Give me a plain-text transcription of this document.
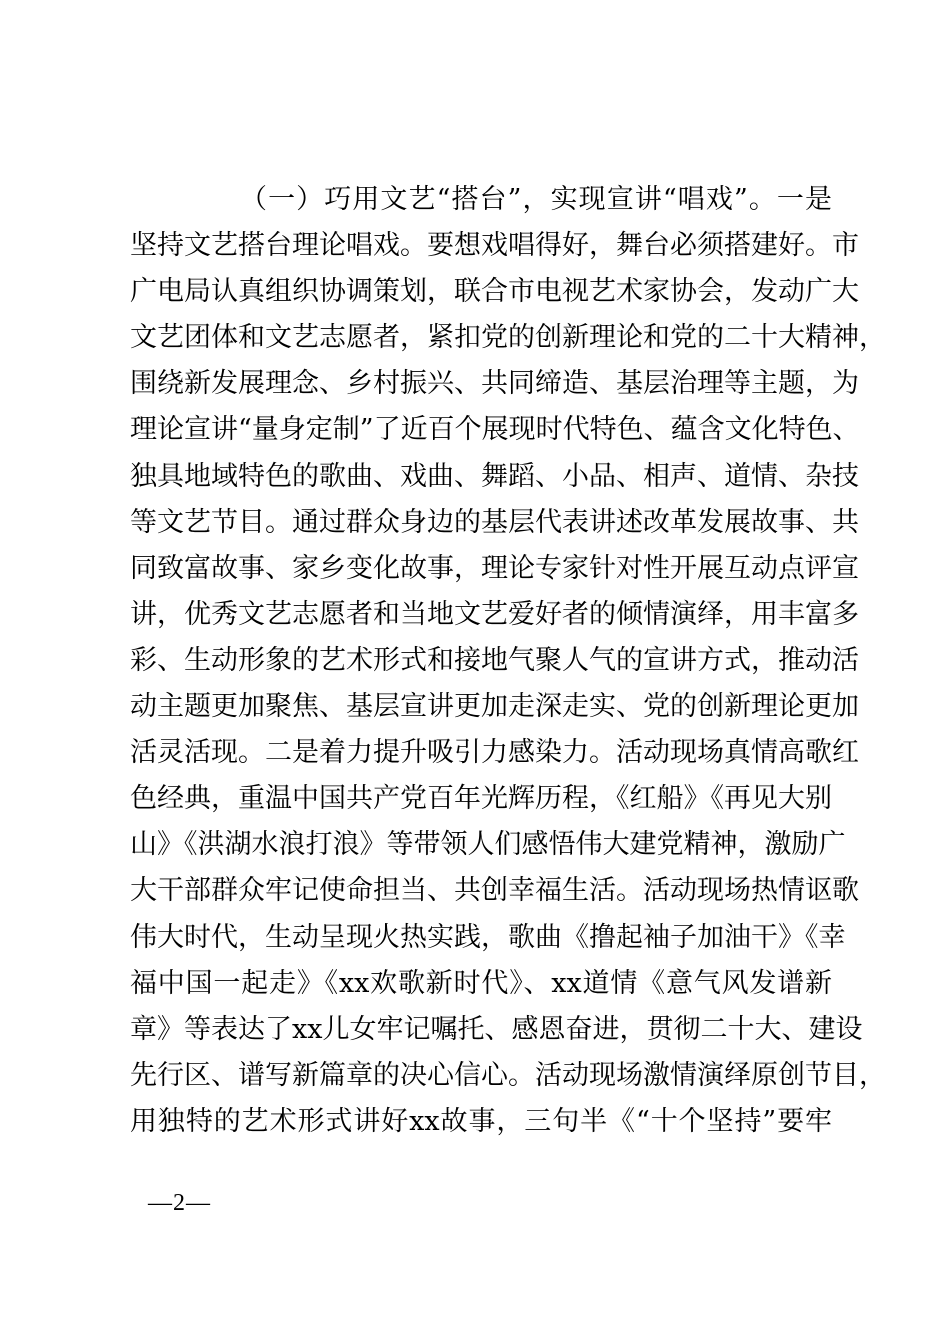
（一）巧用文艺“搭台”，实现宣讲“唱戏”。一是
坚持文艺搭台理论唱戏。要想戏唱得好，舞台必须搭建好。市
广电局认真组织协调策划，联合市电视艺术家协会，发动广大
文艺团体和文艺志愿者，紧扣党的创新理论和党的二十大精神，
围绕新发展理念、乡村振兴、共同缔造、基层治理等主题，为
理论宣讲“量身定制”了近百个展现时代特色、蕴含文化特色、
独具地域特色的歌曲、戏曲、舞蹈、小品、相声、道情、杂技
等文艺节目。通过群众身边的基层代表讲述改革发展故事、共
同致富故事、家乡变化故事，理论专家针对性开展互动点评宣
讲，优秀文艺志愿者和当地文艺爱好者的倾情演绎，用丰富多
彩、生动形象的艺术形式和接地气聚人气的宣讲方式，推动活
动主题更加聚焦、基层宣讲更加走深走实、党的创新理论更加
活灵活现。二是着力提升吸引力感染力。活动现场真情高歌红
色经典，重温中国共产党百年光辉历程，《红船》《再见大别
山》《洪湖水浪打浪》等带领人们感悟伟大建党精神，激励广
大干部群众牢记使命担当、共创幸福生活。活动现场热情讴歌
伟大时代，生动呈现火热实践，歌曲《撸起袖子加油干》《幸
福中国一起走》《xx欢歌新时代》、xx道情《意气风发谱新
章》等表达了xx儿女牢记嘱托、感恩奋进，贯彻二十大、建设
先行区、谱写新篇章的决心信心。活动现场激情演绎原创节目，
用独特的艺术形式讲好xx故事，三句半《“十个坚持”要牢
—2—
